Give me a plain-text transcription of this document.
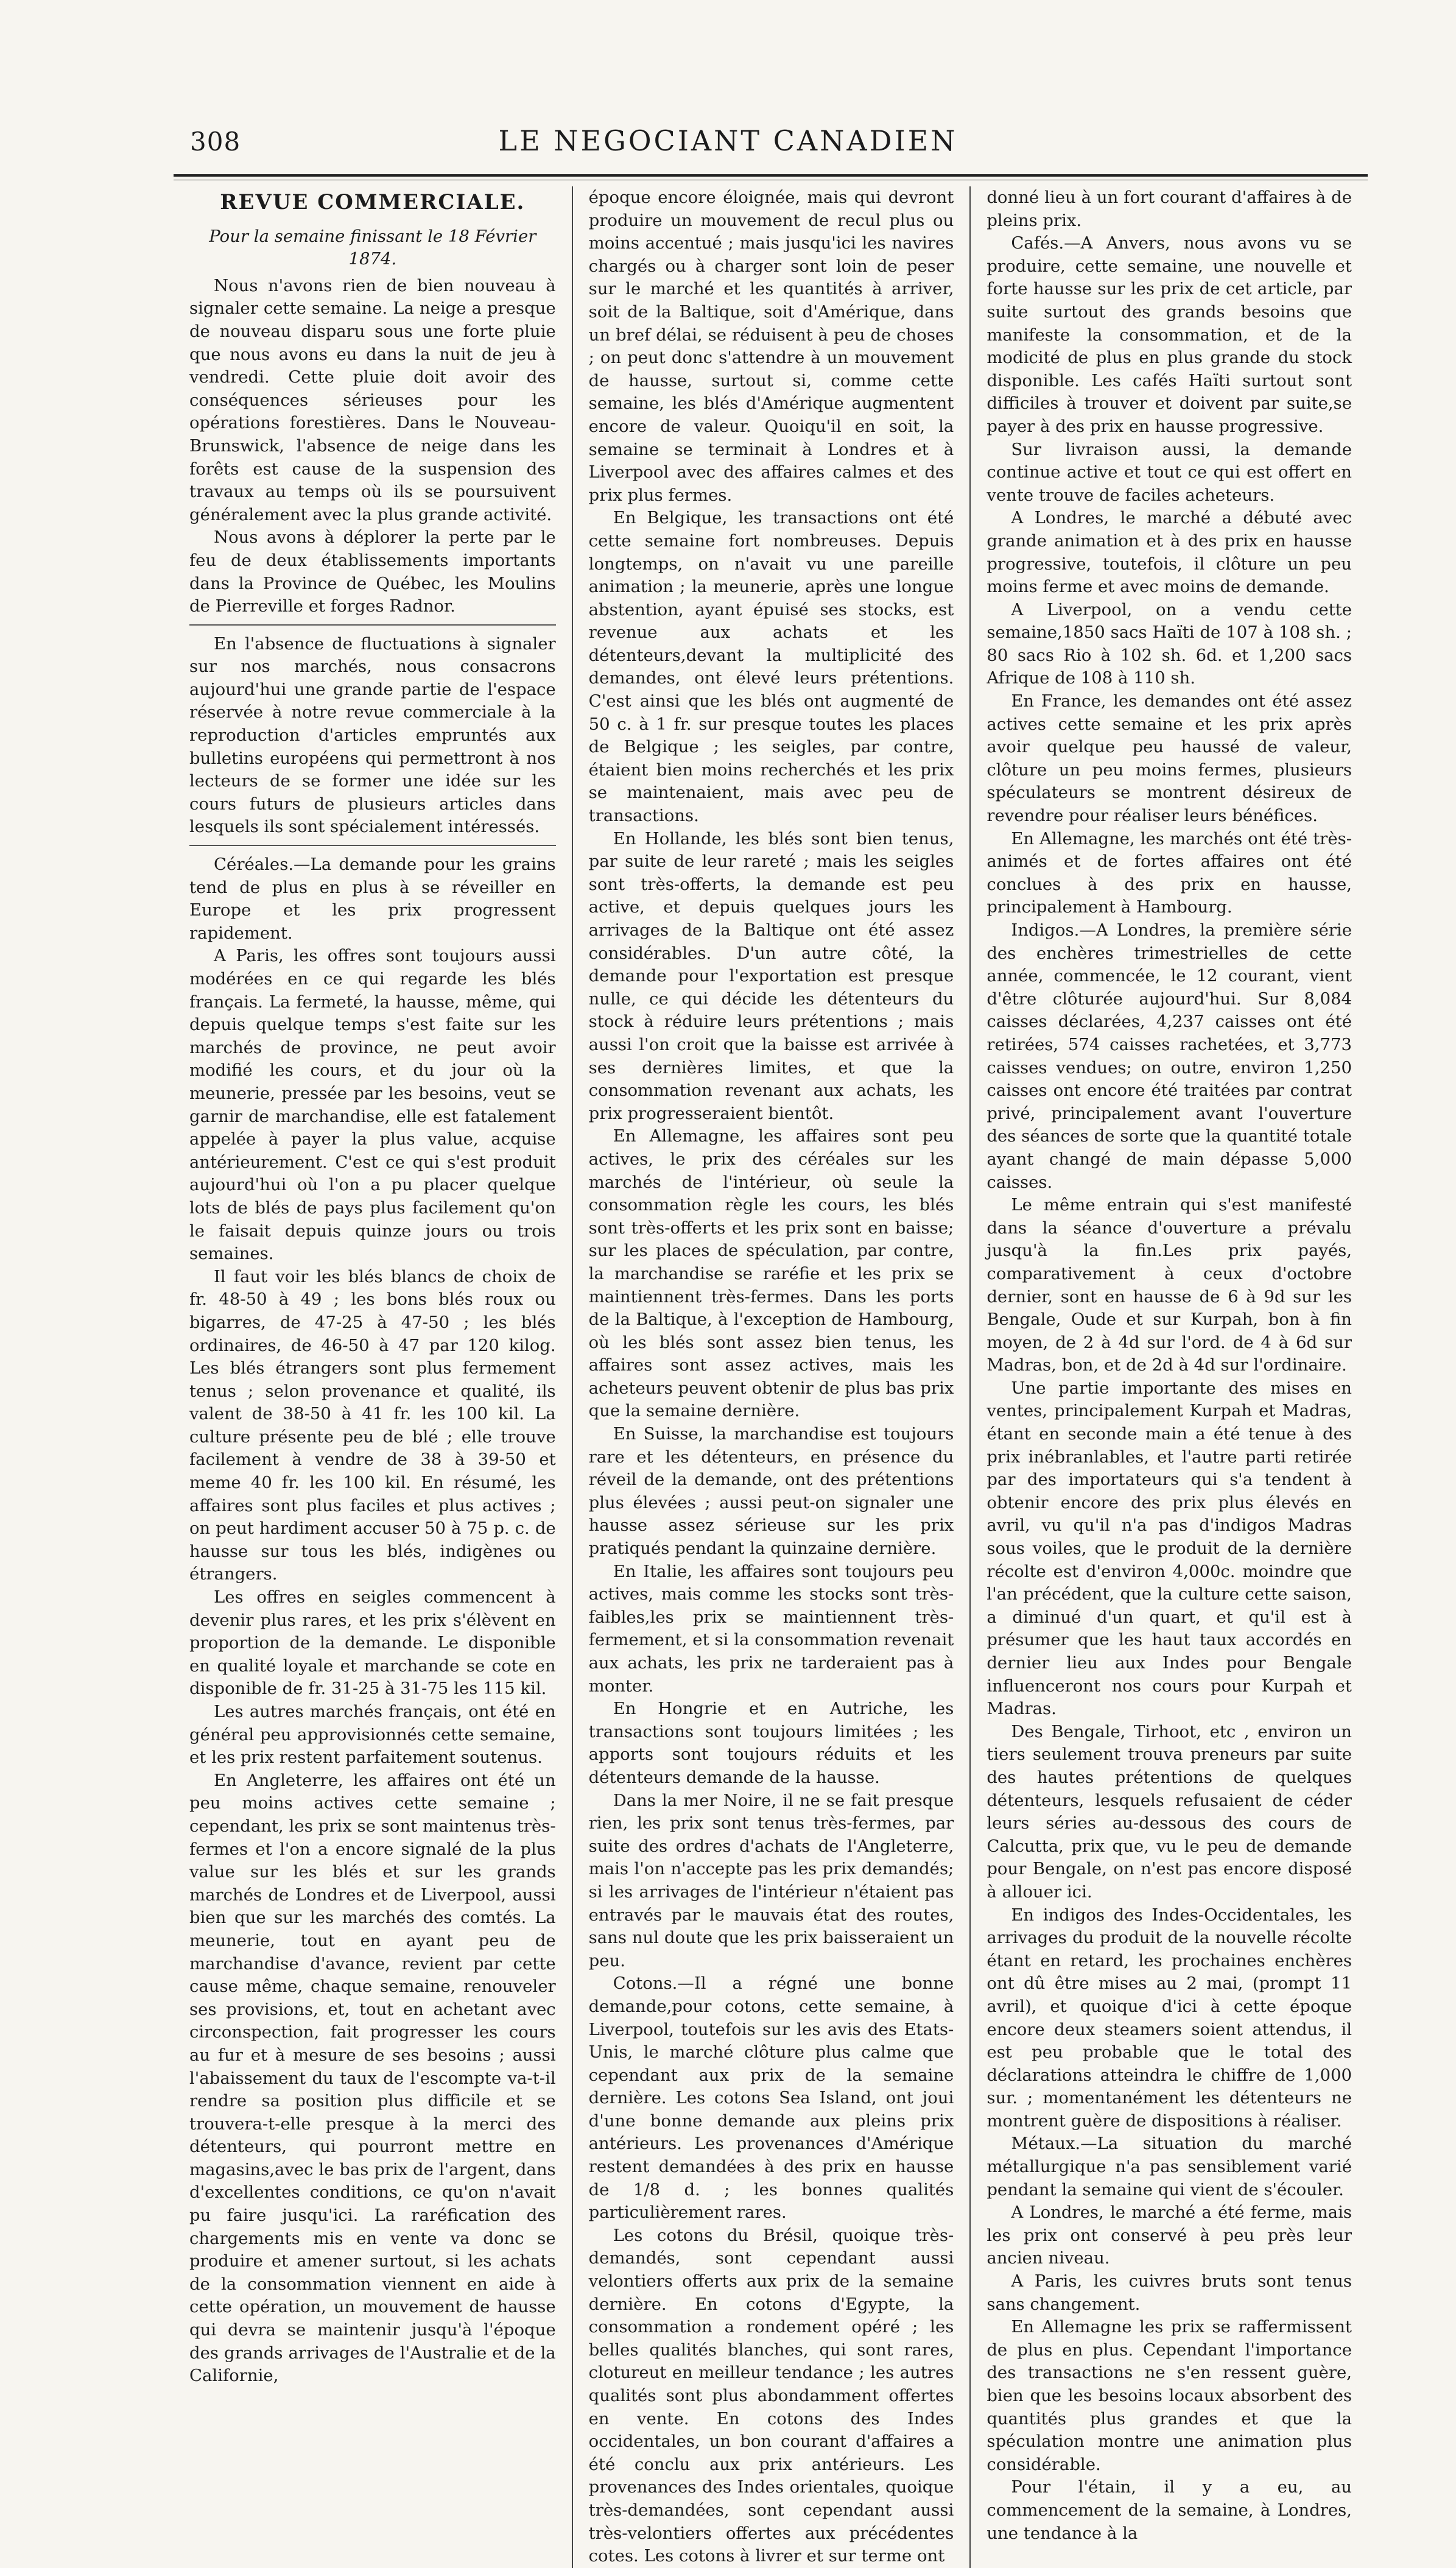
308	LE NEGOCIANT CANADIEN
REVUE COMMERCIALE.

Pour la semaine finissant le 18 Février 1874.

Nous n'avons rien de bien nouveau à signaler cette semaine. La neige a presque de nouveau disparu sous une forte pluie que nous avons eu dans la nuit de jeu à vendredi. Cette pluie doit avoir des conséquences sérieuses pour les opérations forestières. Dans le Nouveau-Brunswick, l'absence de neige dans les forêts est cause de la suspension des travaux au temps où ils se poursuivent généralement avec la plus grande activité.

Nous avons à déplorer la perte par le feu de deux établissements importants dans la Province de Québec, les Moulins de Pierreville et forges Radnor.

En l'absence de fluctuations à signaler sur nos marchés, nous consacrons aujourd'hui une grande partie de l'espace réservée à notre revue commerciale à la reproduction d'articles empruntés aux bulletins européens qui permettront à nos lecteurs de se former une idée sur les cours futurs de plusieurs articles dans lesquels ils sont spécialement intéressés.

Céréales.—La demande pour les grains tend de plus en plus à se réveiller en Europe et les prix progressent rapidement.

A Paris, les offres sont toujours aussi modérées en ce qui regarde les blés français. La fermeté, la hausse, même, qui depuis quelque temps s'est faite sur les marchés de province, ne peut avoir modifié les cours, et du jour où la meunerie, pressée par les besoins, veut se garnir de marchandise, elle est fatalement appelée à payer la plus value, acquise antérieurement. C'est ce qui s'est produit aujourd'hui où l'on a pu placer quelque lots de blés de pays plus facilement qu'on le faisait depuis quinze jours ou trois semaines.

Il faut voir les blés blancs de choix de fr. 48-50 à 49 ; les bons blés roux ou bigarres, de 47-25 à 47-50 ; les blés ordinaires, de 46-50 à 47 par 120 kilog. Les blés étrangers sont plus fermement tenus ; selon provenance et qualité, ils valent de 38-50 à 41 fr. les 100 kil. La culture présente peu de blé ; elle trouve facilement à vendre de 38 à 39-50 et meme 40 fr. les 100 kil. En résumé, les affaires sont plus faciles et plus actives ; on peut hardiment accuser 50 à 75 p. c. de hausse sur tous les blés, indigènes ou étrangers.

Les offres en seigles commencent à devenir plus rares, et les prix s'élèvent en proportion de la demande. Le disponible en qualité loyale et marchande se cote en disponible de fr. 31-25 à 31-75 les 115 kil.

Les autres marchés français, ont été en général peu approvisionnés cette semaine, et les prix restent parfaitement soutenus.

En Angleterre, les affaires ont été un peu moins actives cette semaine ; cependant, les prix se sont maintenus très-fermes et l'on a encore signalé de la plus value sur les blés et sur les grands marchés de Londres et de Liverpool, aussi bien que sur les marchés des comtés. La meunerie, tout en ayant peu de marchandise d'avance, revient par cette cause même, chaque semaine, renouveler ses provisions, et, tout en achetant avec circonspection, fait progresser les cours au fur et à mesure de ses besoins ; aussi l'abaissement du taux de l'escompte va-t-il rendre sa position plus difficile et se trouvera-t-elle presque à la merci des détenteurs, qui pourront mettre en magasins,avec le bas prix de l'argent, dans d'excellentes conditions, ce qu'on n'avait pu faire jusqu'ici. La raréfication des chargements mis en vente va donc se produire et amener surtout, si les achats de la consommation viennent en aide à cette opération, un mouvement de hausse qui devra se maintenir jusqu'à l'époque des grands arrivages de l'Australie et de la Californie,

époque encore éloignée, mais qui devront produire un mouvement de recul plus ou moins accentué ; mais jusqu'ici les navires chargés ou à charger sont loin de peser sur le marché et les quantités à arriver, soit de la Baltique, soit d'Amérique, dans un bref délai, se réduisent à peu de choses ; on peut donc s'attendre à un mouvement de hausse, surtout si, comme cette semaine, les blés d'Amérique augmentent encore de valeur. Quoiqu'il en soit, la semaine se terminait à Londres et à Liverpool avec des affaires calmes et des prix plus fermes.

En Belgique, les transactions ont été cette semaine fort nombreuses. Depuis longtemps, on n'avait vu une pareille animation ; la meunerie, après une longue abstention, ayant épuisé ses stocks, est revenue aux achats et les détenteurs,devant la multiplicité des demandes, ont élevé leurs prétentions. C'est ainsi que les blés ont augmenté de 50 c. à 1 fr. sur presque toutes les places de Belgique ; les seigles, par contre, étaient bien moins recherchés et les prix se maintenaient, mais avec peu de transactions.

En Hollande, les blés sont bien tenus, par suite de leur rareté ; mais les seigles sont très-offerts, la demande est peu active, et depuis quelques jours les arrivages de la Baltique ont été assez considérables. D'un autre côté, la demande pour l'exportation est presque nulle, ce qui décide les détenteurs du stock à réduire leurs prétentions ; mais aussi l'on croit que la baisse est arrivée à ses dernières limites, et que la consommation revenant aux achats, les prix progresseraient bientôt.

En Allemagne, les affaires sont peu actives, le prix des céréales sur les marchés de l'intérieur, où seule la consommation règle les cours, les blés sont très-offerts et les prix sont en baisse; sur les places de spéculation, par contre, la marchandise se raréfie et les prix se maintiennent très-fermes. Dans les ports de la Baltique, à l'exception de Hambourg, où les blés sont assez bien tenus, les affaires sont assez actives, mais les acheteurs peuvent obtenir de plus bas prix que la semaine dernière.

En Suisse, la marchandise est toujours rare et les détenteurs, en présence du réveil de la demande, ont des prétentions plus élevées ; aussi peut-on signaler une hausse assez sérieuse sur les prix pratiqués pendant la quinzaine dernière.

En Italie, les affaires sont toujours peu actives, mais comme les stocks sont très-faibles,les prix se maintiennent très-fermement, et si la consommation revenait aux achats, les prix ne tarderaient pas à monter.

En Hongrie et en Autriche, les transactions sont toujours limitées ; les apports sont toujours réduits et les détenteurs demande de la hausse.

Dans la mer Noire, il ne se fait presque rien, les prix sont tenus très-fermes, par suite des ordres d'achats de l'Angleterre, mais l'on n'accepte pas les prix demandés; si les arrivages de l'intérieur n'étaient pas entravés par le mauvais état des routes, sans nul doute que les prix baisseraient un peu.

Cotons.—Il a régné une bonne demande,pour cotons, cette semaine, à Liverpool, toutefois sur les avis des Etats-Unis, le marché clôture plus calme que cependant aux prix de la semaine dernière. Les cotons Sea Island, ont joui d'une bonne demande aux pleins prix antérieurs. Les provenances d'Amérique restent demandées à des prix en hausse de 1/8 d. ; les bonnes qualités particulièrement rares.

Les cotons du Brésil, quoique très-demandés, sont cependant aussi velontiers offerts aux prix de la semaine dernière. En cotons d'Egypte, la consommation a rondement opéré ; les belles qualités blanches, qui sont rares, clotureut en meilleur tendance ; les autres qualités sont plus abondamment offertes en vente. En cotons des Indes occidentales, un bon courant d'affaires a été conclu aux prix antérieurs. Les provenances des Indes orientales, quoique très-demandées, sont cependant aussi très-velontiers offertes aux précédentes cotes. Les cotons à livrer et sur terme ont

donné lieu à un fort courant d'affaires à de pleins prix.

Cafés.—A Anvers, nous avons vu se produire, cette semaine, une nouvelle et forte hausse sur les prix de cet article, par suite surtout des grands besoins que manifeste la consommation, et de la modicité de plus en plus grande du stock disponible. Les cafés Haïti surtout sont difficiles à trouver et doivent par suite,se payer à des prix en hausse progressive.

Sur livraison aussi, la demande continue active et tout ce qui est offert en vente trouve de faciles acheteurs.

A Londres, le marché a débuté avec grande animation et à des prix en hausse progressive, toutefois, il clôture un peu moins ferme et avec moins de demande.

A Liverpool, on a vendu cette semaine,1850 sacs Haïti de 107 à 108 sh. ; 80 sacs Rio à 102 sh. 6d. et 1,200 sacs Afrique de 108 à 110 sh.

En France, les demandes ont été assez actives cette semaine et les prix après avoir quelque peu haussé de valeur, clôture un peu moins fermes, plusieurs spéculateurs se montrent désireux de revendre pour réaliser leurs bénéfices.

En Allemagne, les marchés ont été très-animés et de fortes affaires ont été conclues à des prix en hausse, principalement à Hambourg.

Indigos.—A Londres, la première série des enchères trimestrielles de cette année, commencée, le 12 courant, vient d'être clôturée aujourd'hui. Sur 8,084 caisses déclarées, 4,237 caisses ont été retirées, 574 caisses rachetées, et 3,773 caisses vendues; on outre, environ 1,250 caisses ont encore été traitées par contrat privé, principalement avant l'ouverture des séances de sorte que la quantité totale ayant changé de main dépasse 5,000 caisses.

Le même entrain qui s'est manifesté dans la séance d'ouverture a prévalu jusqu'à la fin.Les prix payés, comparativement à ceux d'octobre dernier, sont en hausse de 6 à 9d sur les Bengale, Oude et sur Kurpah, bon à fin moyen, de 2 à 4d sur l'ord. de 4 à 6d sur Madras, bon, et de 2d à 4d sur l'ordinaire.

Une partie importante des mises en ventes, principalement Kurpah et Madras, étant en seconde main a été tenue à des prix inébranlables, et l'autre parti retirée par des importateurs qui s'a tendent à obtenir encore des prix plus élevés en avril, vu qu'il n'a pas d'indigos Madras sous voiles, que le produit de la dernière récolte est d'environ 4,000c. moindre que l'an précédent, que la culture cette saison, a diminué d'un quart, et qu'il est à présumer que les haut taux accordés en dernier lieu aux Indes pour Bengale influenceront nos cours pour Kurpah et Madras.

Des Bengale, Tirhoot, etc , environ un tiers seulement trouva preneurs par suite des hautes prétentions de quelques détenteurs, lesquels refusaient de céder leurs séries au-dessous des cours de Calcutta, prix que, vu le peu de demande pour Bengale, on n'est pas encore disposé à allouer ici.

En indigos des Indes-Occidentales, les arrivages du produit de la nouvelle récolte étant en retard, les prochaines enchères ont dû être mises au 2 mai, (prompt 11 avril), et quoique d'ici à cette époque encore deux steamers soient attendus, il est peu probable que le total des déclarations atteindra le chiffre de 1,000 sur. ; momentanément les détenteurs ne montrent guère de dispositions à réaliser.

Métaux.—La situation du marché métallurgique n'a pas sensiblement varié pendant la semaine qui vient de s'écouler.

A Londres, le marché a été ferme, mais les prix ont conservé à peu près leur ancien niveau.

A Paris, les cuivres bruts sont tenus sans changement.

En Allemagne les prix se raffermissent de plus en plus. Cependant l'importance des transactions ne s'en ressent guère, bien que les besoins locaux absorbent des quantités plus grandes et que la spéculation montre une animation plus considérable.

Pour l'étain, il y a eu, au commencement de la semaine, à Londres, une tendance à la
